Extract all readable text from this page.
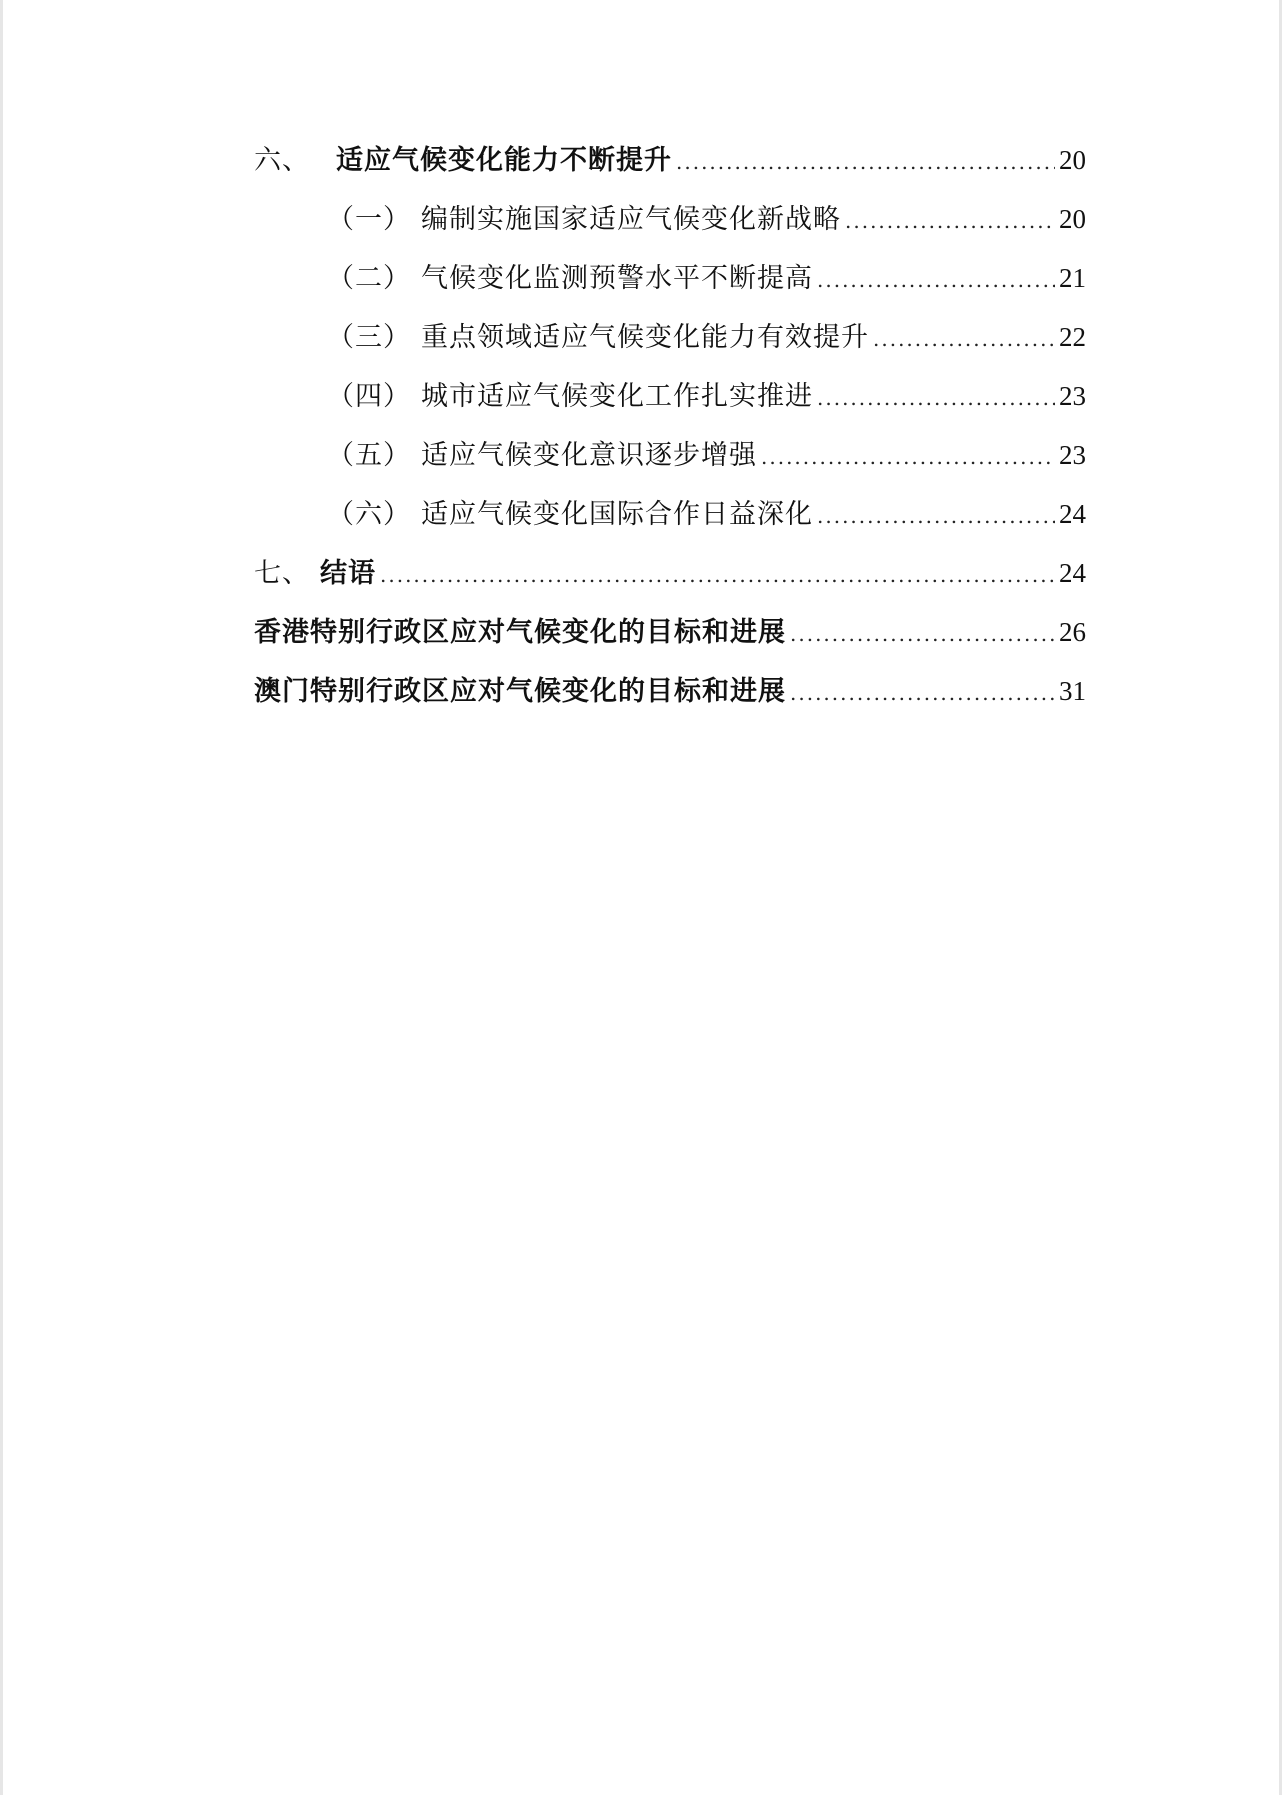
六、 适应气候变化能力不断提升 .....	20
（一） 编制实施国家适应气候变化新战略 .....	20
（二） 气候变化监测预警水平不断提高 .....	21
（三） 重点领域适应气候变化能力有效提升 .....	22
（四） 城市适应气候变化工作扎实推进 .....	23
（五） 适应气候变化意识逐步增强 .....	23
（六） 适应气候变化国际合作日益深化 .....	24
七、 结语 .....	24
香港特别行政区应对气候变化的目标和进展 .....	26
澳门特别行政区应对气候变化的目标和进展 .....	31
